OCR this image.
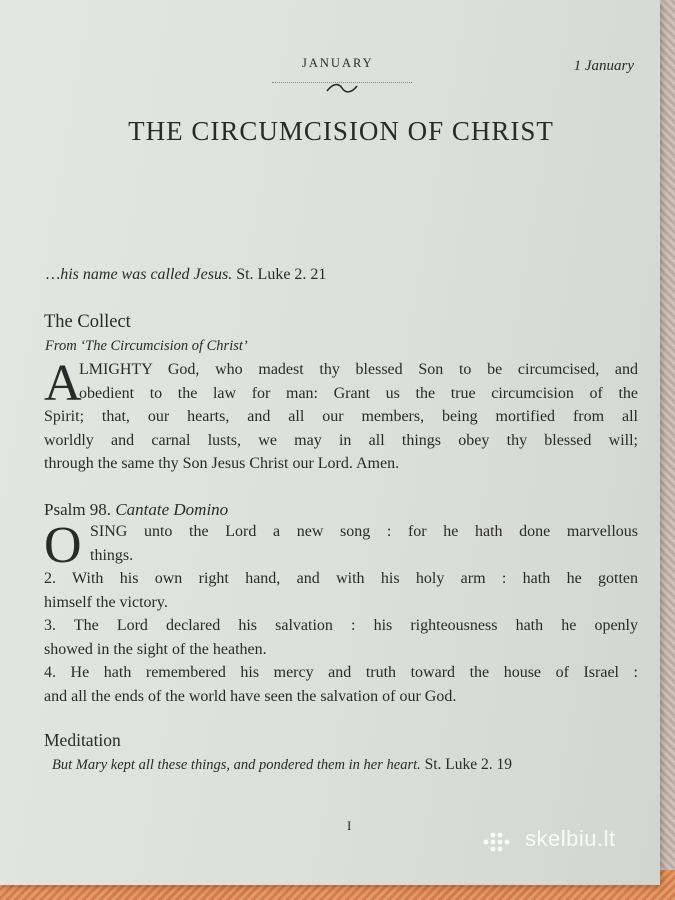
JANUARY	1 January
THE CIRCUMCISION OF CHRIST
…his name was called Jesus. St. Luke 2. 21
The Collect
From ‘The Circumcision of Christ’
A
LMIGHTY God, who madest thy blessed Son to be circumcised, and
obedient to the law for man: Grant us the true circumcision of the
Spirit; that, our hearts, and all our members, being mortified from all
worldly and carnal lusts, we may in all things obey thy blessed will;
through the same thy Son Jesus Christ our Lord. Amen.
Psalm 98. Cantate Domino
O SING unto the Lord a new song : for he hath done marvellous
things.
2. With his own right hand, and with his holy arm : hath he gotten
himself the victory.
3. The Lord declared his salvation : his righteousness hath he openly
showed in the sight of the heathen.
4. He hath remembered his mercy and truth toward the house of Israel :
and all the ends of the world have seen the salvation of our God.
Meditation
But Mary kept all these things, and pondered them in her heart. St. Luke 2. 19
I
skelbiu.lt
